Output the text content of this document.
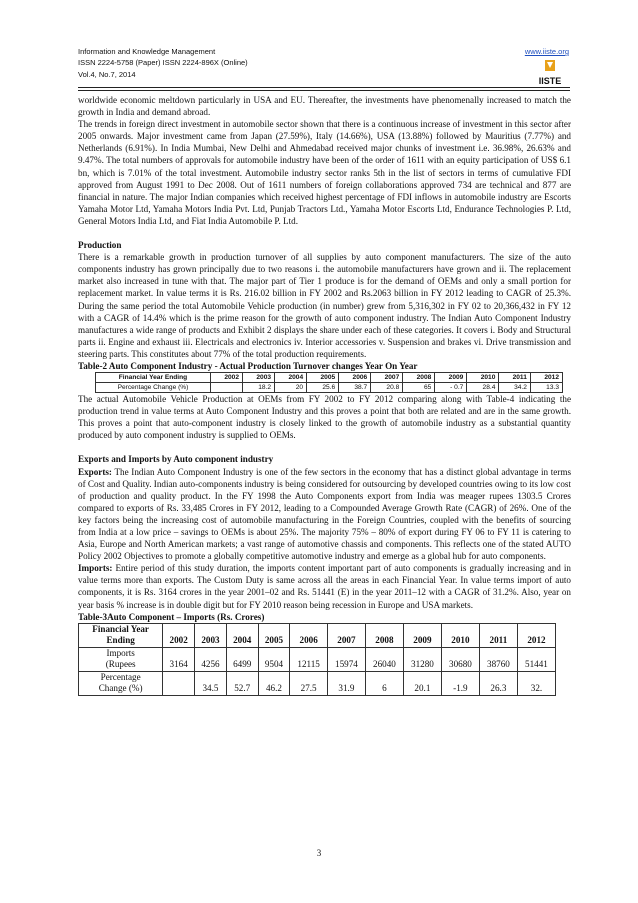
Information and Knowledge Management
ISSN 2224-5758 (Paper) ISSN 2224-896X (Online)
Vol.4, No.7, 2014
www.iiste.org
IISTE

worldwide economic meltdown particularly in USA and EU. Thereafter, the investments have phenomenally increased to match the growth in India and demand abroad.

The trends in foreign direct investment in automobile sector shown that there is a continuous increase of investment in this sector after 2005 onwards. Major investment came from Japan (27.59%), Italy (14.66%), USA (13.88%) followed by Mauritius (7.77%) and Netherlands (6.91%). In India Mumbai, New Delhi and Ahmedabad received major chunks of investment i.e. 36.98%, 26.63% and 9.47%. The total numbers of approvals for automobile industry have been of the order of 1611 with an equity participation of US$ 6.1 bn, which is 7.01% of the total investment. Automobile industry sector ranks 5th in the list of sectors in terms of cumulative FDI approved from August 1991 to Dec 2008. Out of 1611 numbers of foreign collaborations approved 734 are technical and 877 are financial in nature. The major Indian companies which received highest percentage of FDI inflows in automobile industry are Escorts Yamaha Motor Ltd, Yamaha Motors India Pvt. Ltd, Punjab Tractors Ltd., Yamaha Motor Escorts Ltd, Endurance Technologies P. Ltd, General Motors India Ltd, and Fiat India Automobile P. Ltd.

Production

There is a remarkable growth in production turnover of all supplies by auto component manufacturers. The size of the auto components industry has grown principally due to two reasons i. the automobile manufacturers have grown and ii. The replacement market also increased in tune with that. The major part of Tier 1 produce is for the demand of OEMs and only a small portion for replacement market. In value terms it is Rs. 216.02 billion in FY 2002 and Rs.2063 billion in FY 2012 leading to CAGR of 25.3%. During the same period the total Automobile Vehicle production (in number) grew from 5,316,302 in FY 02 to 20,366,432 in FY 12 with a CAGR of 14.4% which is the prime reason for the growth of auto component industry. The Indian Auto Component Industry manufactures a wide range of products and Exhibit 2 displays the share under each of these categories. It covers i. Body and Structural parts ii. Engine and exhaust iii. Electricals and electronics iv. Interior accessories v. Suspension and brakes vi. Drive transmission and steering parts. This constitutes about 77% of the total production requirements.

Table-2 Auto Component Industry - Actual Production Turnover changes Year On Year

Financial Year Ending	2002	2003	2004	2005	2006	2007	2008	2009	2010	2011	2012
Percentage Change (%)		18.2	20	25.6	38.7	20.8	65	- 0.7	28.4	34.2	13.3

The actual Automobile Vehicle Production at OEMs from FY 2002 to FY 2012 comparing along with Table-4 indicating the production trend in value terms at Auto Component Industry and this proves a point that both are related and are in the same growth. This proves a point that auto-component industry is closely linked to the growth of automobile industry as a substantial quantity produced by auto component industry is supplied to OEMs.

Exports and Imports by Auto component industry

Exports: The Indian Auto Component Industry is one of the few sectors in the economy that has a distinct global advantage in terms of Cost and Quality. Indian auto-components industry is being considered for outsourcing by developed countries owing to its low cost of production and quality product. In the FY 1998 the Auto Components export from India was meager rupees 1303.5 Crores compared to exports of Rs. 33,485 Crores in FY 2012, leading to a Compounded Average Growth Rate (CAGR) of 26%. One of the key factors being the increasing cost of automobile manufacturing in the Foreign Countries, coupled with the benefits of sourcing from India at a low price – savings to OEMs is about 25%. The majority 75% – 80% of export during FY 06 to FY 11 is catering to Asia, Europe and North American markets; a vast range of automotive chassis and components. This reflects one of the stated AUTO Policy 2002 Objectives to promote a globally competitive automotive industry and emerge as a global hub for auto components.

Imports: Entire period of this study duration, the imports content important part of auto components is gradually increasing and in value terms more than exports. The Custom Duty is same across all the areas in each Financial Year. In value terms import of auto components, it is Rs. 3164 crores in the year 2001–02 and Rs. 51441 (E) in the year 2011–12 with a CAGR of 31.2%. Also, year on year basis % increase is in double digit but for FY 2010 reason being recession in Europe and USA markets.

Table-3Auto Component – Imports (Rs. Crores)

Financial Year
Ending	2002	2003	2004	2005	2006	2007	2008	2009	2010	2011	2012
Imports
(Rupees	3164	4256	6499	9504	12115	15974	26040	31280	30680	38760	51441
Percentage
Change (%)		34.5	52.7	46.2	27.5	31.9	6	20.1	-1.9	26.3	32.
3
